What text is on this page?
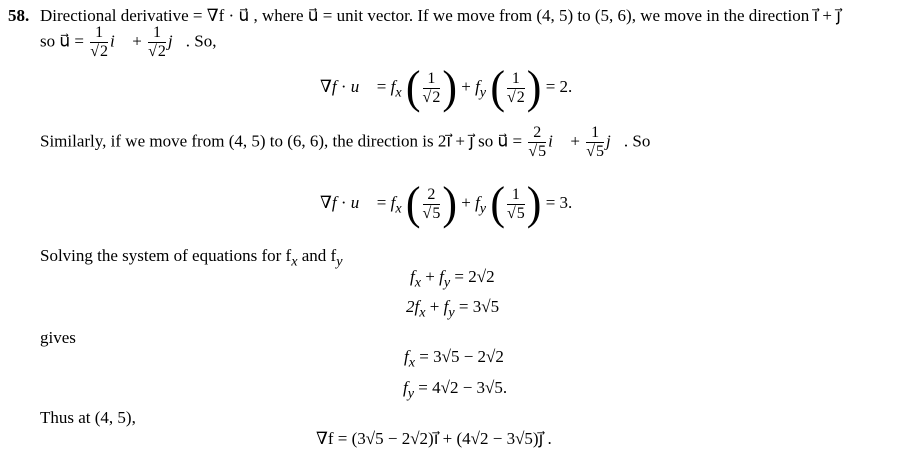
58. Directional derivative = ∇f · u⃗ , where u⃗ = unit vector. If we move from (4, 5) to (5, 6), we move in the direction i⃗ + j⃗
so u⃗ = $\frac{1}{√2}$ i⃗ + $\frac{1}{√2}$ j⃗. So,
∇f · u⃗ = $f_x$ ( $\frac{1}{√2}$ ) + $f_y$ ( $\frac{1}{√2}$ ) = 2.
Similarly, if we move from (4, 5) to (6, 6), the direction is 2i⃗ + j⃗ so u⃗ = $\frac{2}{√5}$ i⃗ + $\frac{1}{√5}$ j⃗. So
∇f · u⃗ = $f_x$ ( $\frac{2}{√5}$ ) + $f_y$ ( $\frac{1}{√5}$ ) = 3.
Solving the system of equations for $f_x$ and $f_y$
$f_x + f_y = 2√2$
$2f_x + f_y = 3√5$
gives
$f_x = 3√5 - 2√2$
$f_y = 4√2 - 3√5$.
Thus at (4, 5),
∇f = (3√5 − 2√2)i⃗ + (4√2 − 3√5)j⃗ .
